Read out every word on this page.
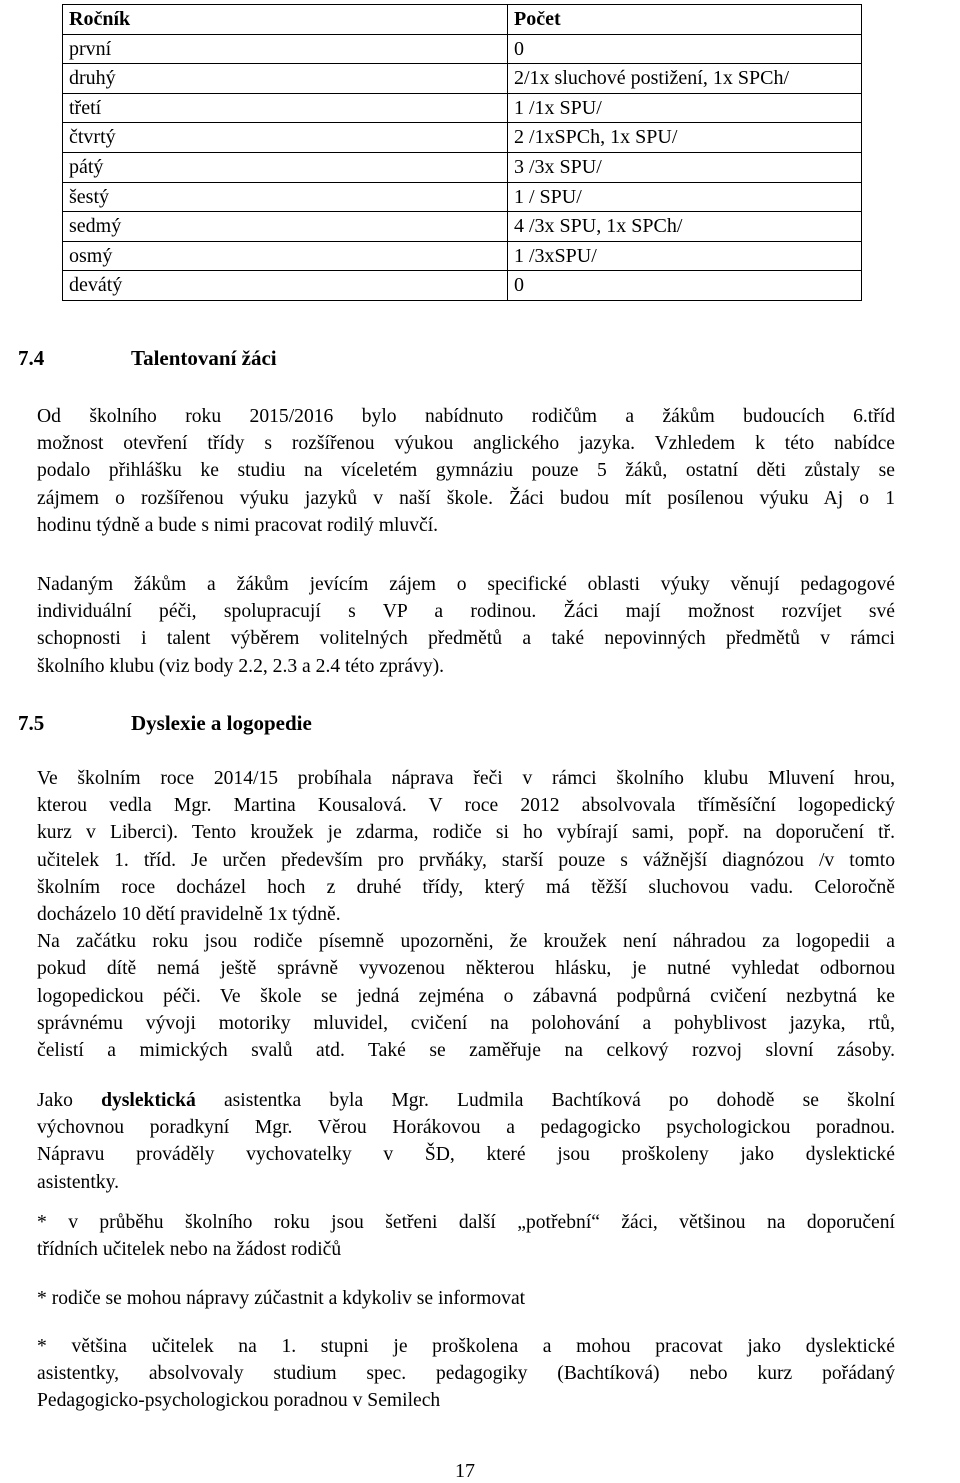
Ročník	Počet
první	0
druhý	2/1x sluchové postižení, 1x SPCh/
třetí	1 /1x SPU/
čtvrtý	2 /1xSPCh, 1x SPU/
pátý	3 /3x SPU/
šestý	1 / SPU/
sedmý	4 /3x SPU, 1x SPCh/
osmý	1 /3xSPU/
devátý	0
7.4	Talentovaní žáci
Od školního roku 2015/2016 bylo nabídnuto rodičům a žákům budoucích 6.tříd
možnost otevření třídy s rozšířenou výukou anglického jazyka. Vzhledem k této nabídce
podalo přihlášku ke studiu na víceletém gymnáziu pouze 5 žáků, ostatní děti zůstaly se
zájmem o rozšířenou výuku jazyků v naší škole. Žáci budou mít posílenou výuku Aj o 1
hodinu týdně a bude s nimi pracovat rodilý mluvčí.
Nadaným žákům a žákům jevícím zájem o specifické oblasti výuky věnují pedagogové
individuální péči, spolupracují s VP a rodinou. Žáci mají možnost rozvíjet své
schopnosti i talent výběrem volitelných předmětů a také nepovinných předmětů v rámci
školního klubu (viz body 2.2, 2.3 a 2.4 této zprávy).
7.5	Dyslexie a logopedie
Ve školním roce 2014/15 probíhala náprava řeči v rámci školního klubu Mluvení hrou,
kterou vedla Mgr. Martina Kousalová. V roce 2012 absolvovala tříměsíční logopedický
kurz v Liberci). Tento kroužek je zdarma, rodiče si ho vybírají sami, popř. na doporučení tř.
učitelek 1. tříd. Je určen především pro prvňáky, starší pouze s vážnější diagnózou /v tomto
školním roce docházel hoch z druhé třídy, který má těžší sluchovou vadu. Celoročně
docházelo 10 dětí pravidelně 1x týdně.
Na začátku roku jsou rodiče písemně upozorněni, že kroužek není náhradou za logopedii a
pokud dítě nemá ještě správně vyvozenou některou hlásku, je nutné vyhledat odbornou
logopedickou péči. Ve škole se jedná zejména o zábavná podpůrná cvičení nezbytná ke
správnému vývoji motoriky mluvidel, cvičení na polohování a pohyblivost jazyka, rtů,
čelistí a mimických svalů atd. Také se zaměřuje na celkový rozvoj slovní zásoby.
Jako dyslektická asistentka byla Mgr. Ludmila Bachtíková po dohodě se školní
výchovnou poradkyní Mgr. Věrou Horákovou a pedagogicko psychologickou poradnou.
Nápravu prováděly vychovatelky v ŠD, které jsou proškoleny jako dyslektické
asistentky.
* v průběhu školního roku jsou šetřeni další „potřební“ žáci, většinou na doporučení
třídních učitelek nebo na žádost rodičů
* rodiče se mohou nápravy zúčastnit a kdykoliv se informovat
* většina učitelek na 1. stupni je proškolena a mohou pracovat jako dyslektické
asistentky, absolvovaly studium spec. pedagogiky (Bachtíková) nebo kurz pořádaný
Pedagogicko-psychologickou poradnou v Semilech
17
